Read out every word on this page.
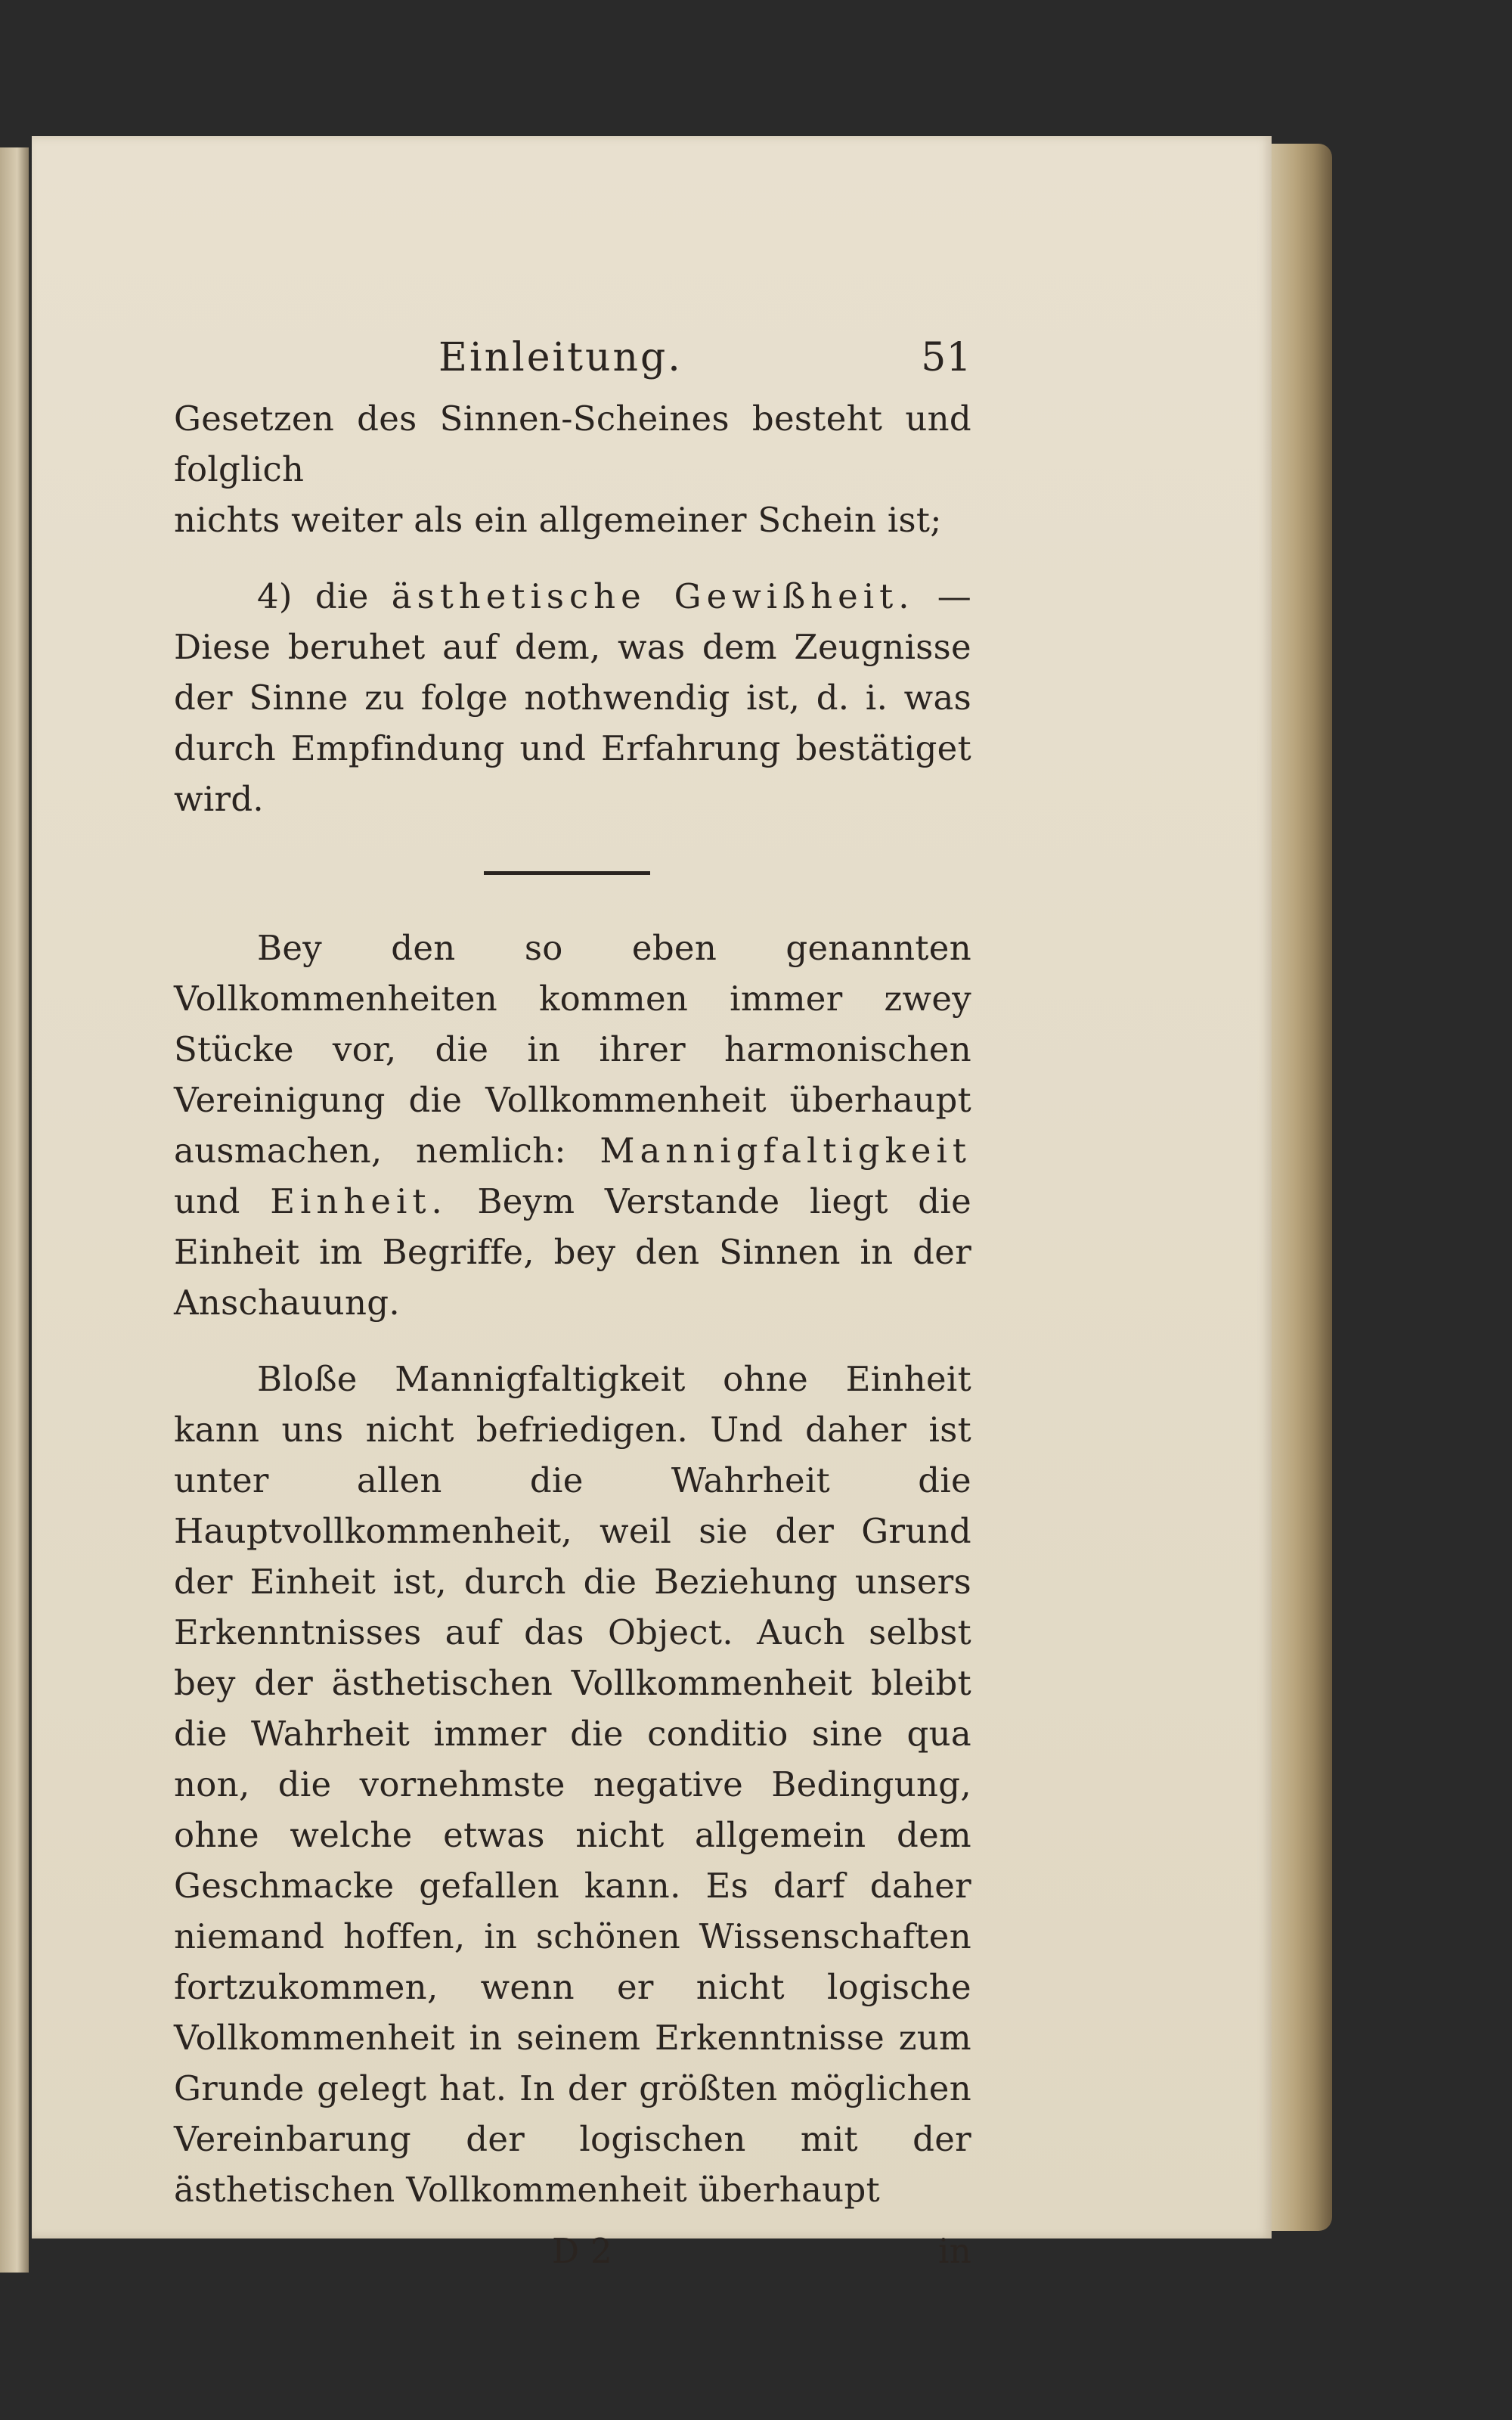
Einleitung.	51

Gesetzen des Sinnen-Scheines besteht und folglich
nichts weiter als ein allgemeiner Schein ist;

4) die ästhetische Gewißheit. — Diese beruhet auf dem, was dem Zeugnisse der Sinne zu folge nothwendig ist, d. i. was durch Empfindung und Erfahrung bestätiget wird.

Bey den so eben genannten Vollkommenheiten kommen immer zwey Stücke vor, die in ihrer harmonischen Vereinigung die Vollkommenheit überhaupt ausmachen, nemlich: Mannigfaltigkeit und Einheit. Beym Verstande liegt die Einheit im Begriffe, bey den Sinnen in der Anschauung.

Bloße Mannigfaltigkeit ohne Einheit kann uns nicht befriedigen. Und daher ist unter allen die Wahrheit die Hauptvollkommenheit, weil sie der Grund der Einheit ist, durch die Beziehung unsers Erkenntnisses auf das Object. Auch selbst bey der ästhetischen Vollkommenheit bleibt die Wahrheit immer die conditio sine qua non, die vornehmste negative Bedingung, ohne welche etwas nicht allgemein dem Geschmacke gefallen kann. Es darf daher niemand hoffen, in schönen Wissenschaften fortzukommen, wenn er nicht logische Vollkommenheit in seinem Erkenntnisse zum Grunde gelegt hat. In der größten möglichen Vereinbarung der logischen mit der ästhetischen Vollkommenheit überhaupt

D 2	in
